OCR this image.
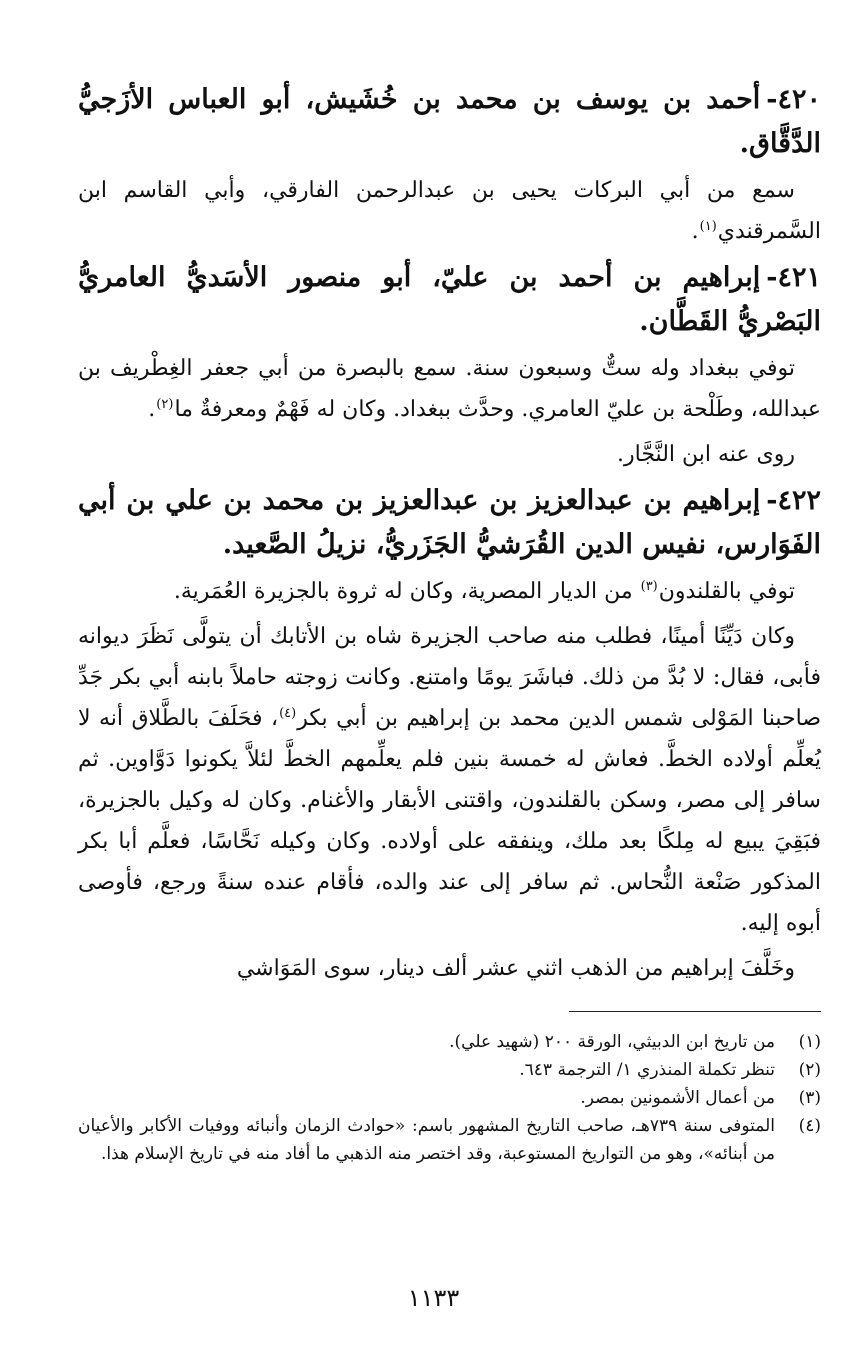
٤٢٠-أحمد بن يوسف بن محمد بن خُشَيش، أبو العباس الأزَجيُّ الدَّقَّاق.

سمع من أبي البركات يحيى بن عبدالرحمن الفارقي، وأبي القاسم ابن السَّمرقندي$^{(١)}$.

٤٢١-إبراهيم بن أحمد بن عليّ، أبو منصور الأسَديُّ العامريُّ البَصْريُّ القَطَّان.

توفي ببغداد وله ستٌّ وسبعون سنة. سمع بالبصرة من أبي جعفر الغِطْريف بن عبدالله، وطَلْحة بن عليّ العامري. وحدَّث ببغداد. وكان له فَهْمٌ ومعرفةٌ ما$^{(٢)}$.

روى عنه ابن النَّجَّار.

٤٢٢-إبراهيم بن عبدالعزيز بن عبدالعزيز بن محمد بن علي بن أبي الفَوَارس، نفيس الدين القُرَشيُّ الجَزَريُّ، نزيلُ الصَّعيد.

توفي بالقلندون$^{(٣)}$ من الديار المصرية، وكان له ثروة بالجزيرة العُمَرية.

وكان دَيِّنًا أمينًا، فطلب منه صاحب الجزيرة شاه بن الأتابك أن يتولَّى نَظَرَ ديوانه فأبى، فقال: لا بُدَّ من ذلك. فباشَرَ يومًا وامتنع. وكانت زوجته حاملاً بابنه أبي بكر جَدِّ صاحبنا المَوْلى شمس الدين محمد بن إبراهيم بن أبي بكر$^{(٤)}$، فحَلَفَ بالطَّلاق أنه لا يُعلِّم أولاده الخطَّ. فعاش له خمسة بنين فلم يعلِّمهم الخطَّ لئلاَّ يكونوا دَوَّاوين. ثم سافر إلى مصر، وسكن بالقلندون، واقتنى الأبقار والأغنام. وكان له وكيل بالجزيرة، فبَقِيَ يبيع له مِلكًا بعد ملك، وينفقه على أولاده. وكان وكيله نَحَّاسًا، فعلَّم أبا بكر المذكور صَنْعة النُّحاس. ثم سافر إلى عند والده، فأقام عنده سنةً ورجع، فأوصى أبوه إليه.

وخَلَّفَ إبراهيم من الذهب اثني عشر ألف دينار، سوى المَوَاشي

(١)
من تاريخ ابن الدبيثي، الورقة ٢٠٠ (شهيد علي).
(٢)
تنظر تكملة المنذري ١/ الترجمة ٦٤٣.
(٣)
من أعمال الأشمونين بمصر.
(٤)
المتوفى سنة ٧٣٩هـ، صاحب التاريخ المشهور باسم: «حوادث الزمان وأنبائه ووفيات الأكابر والأعيان من أبنائه»، وهو من التواريخ المستوعبة، وقد اختصر منه الذهبي ما أفاد منه في تاريخ الإسلام هذا.
١١٣٣
